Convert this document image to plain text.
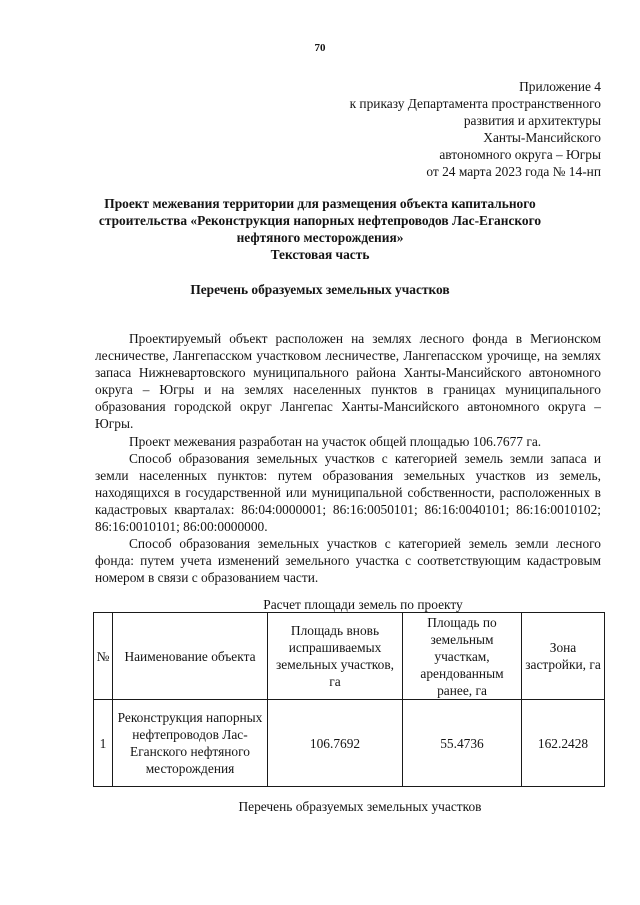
70
Приложение 4
к приказу Департамента пространственного
развития и архитектуры
Ханты-Мансийского
автономного округа – Югры
от 24 марта 2023 года № 14-нп
Проект межевания территории для размещения объекта капитального
строительства «Реконструкция напорных нефтепроводов Лас-Еганского
нефтяного месторождения»
Текстовая часть
Перечень образуемых земельных участков

Проектируемый объект расположен на землях лесного фонда в Мегионском лесничестве, Лангепасском участковом лесничестве, Лангепасском урочище, на землях запаса Нижневартовского муниципального района Ханты-Мансийского автономного округа – Югры и на землях населенных пунктов в границах муниципального образования городской округ Лангепас Ханты-Мансийского автономного округа – Югры.

Проект межевания разработан на участок общей площадью 106.7677 га.

Способ образования земельных участков с категорией земель земли запаса и земли населенных пунктов: путем образования земельных участков из земель, находящихся в государственной или муниципальной собственности, расположенных в кадастровых кварталах: 86:04:0000001; 86:16:0050101; 86:16:0040101; 86:16:0010102; 86:16:0010101; 86:00:0000000.

Способ образования земельных участков с категорией земель земли лесного фонда: путем учета изменений земельного участка с соответствующим кадастровым номером в связи с образованием части.

Расчет площади земель по проекту
№	Наименование объекта	Площадь вновь испрашиваемых земельных участков, га	Площадь по земельным участкам, арендованным ранее, га	Зона застройки, га
1	Реконструкция напорных нефтепроводов Лас-Еганского нефтяного месторождения	106.7692	55.4736	162.2428
Перечень образуемых земельных участков
